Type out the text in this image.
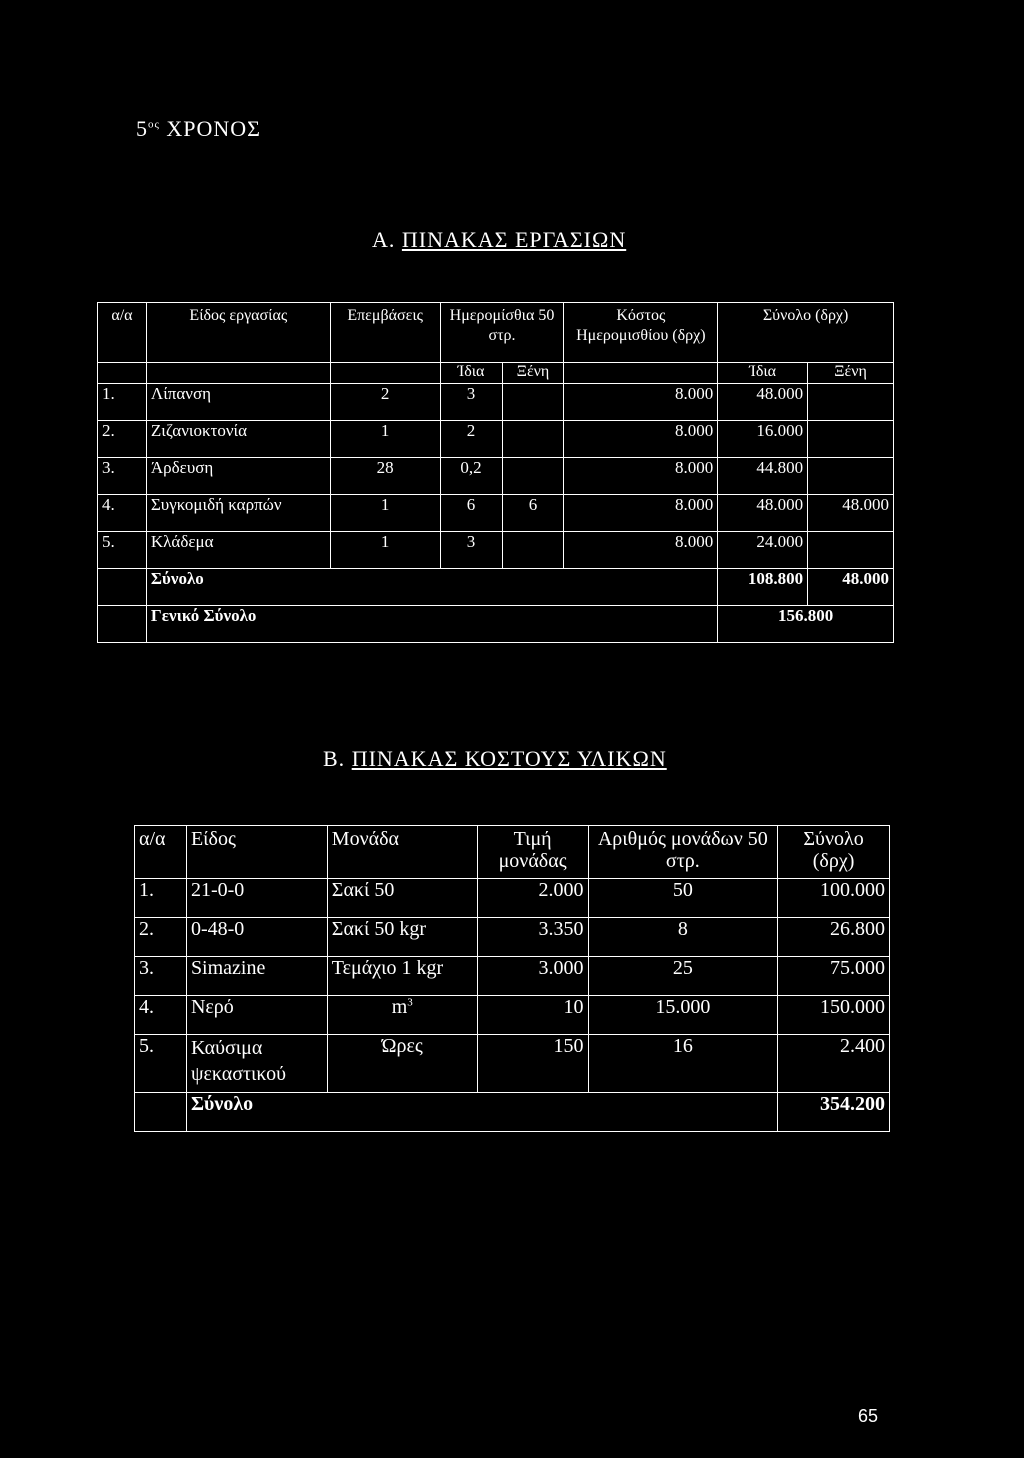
$5^{o\varsigma}$ ΧΡΟΝΟΣ
Α. ΠΙΝΑΚΑΣ ΕΡΓΑΣΙΩΝ
α/α	Είδος εργασίας	Επεμβάσεις	Ημερομίσθια 50 στρ.		Κόστος Ημερομισθίου (δρχ)	Σύνολο (δρχ)	
			Ίδια	Ξένη		Ίδια	Ξένη
1.	Λίπανση	2	3		8.000	48.000	
2.	Ζιζανιοκτονία	1	2		8.000	16.000	
3.	Άρδευση	28	0,2		8.000	44.800	
4.	Συγκομιδή καρπών	1	6	6	8.000	48.000	48.000
5.	Κλάδεμα	1	3		8.000	24.000	
	Σύνολο					108.800	48.000
	Γενικό Σύνολο					156.800	
Β. ΠΙΝΑΚΑΣ ΚΟΣΤΟΥΣ ΥΛΙΚΩΝ
α/α	Είδος	Μονάδα	Τιμή μονάδας	Αριθμός μονάδων 50 στρ.	Σύνολο (δρχ)
1.	21-0-0	Σακί 50	2.000	50	100.000
2.	0-48-0	Σακί 50 kgr	3.350	8	26.800
3.	Simazine	Τεμάχιο 1 kgr	3.000	25	75.000
4.	Νερό	$m^3$	10	15.000	150.000
5.	Καύσιμα ψεκαστικού	Ώρες	150	16	2.400
	Σύνολο				354.200
65
